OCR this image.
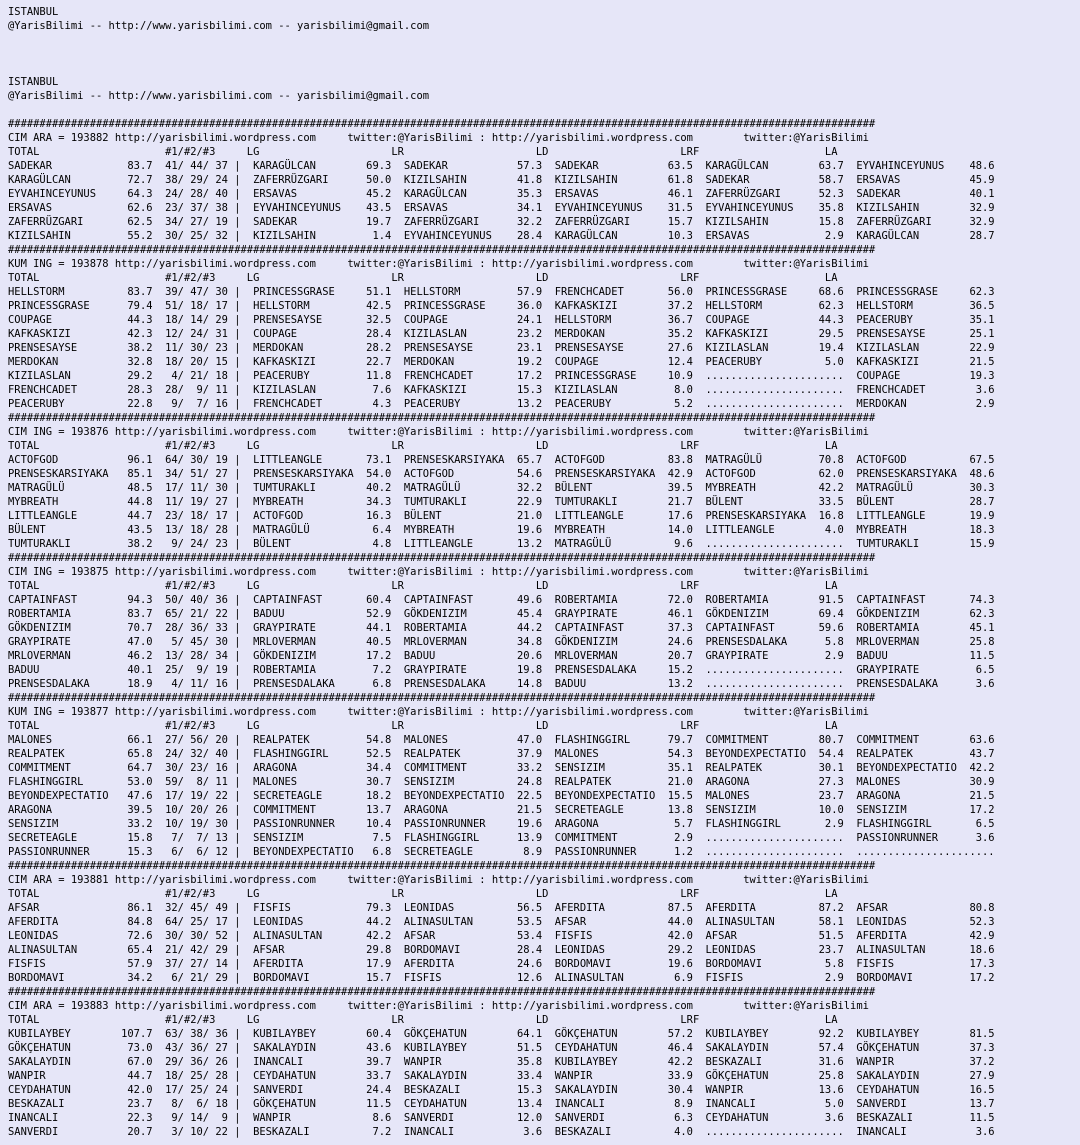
ISTANBUL
@YarisBilimi -- http://www.yarisbilimi.com -- yarisbilimi@gmail.com
ISTANBUL
@YarisBilimi -- http://www.yarisbilimi.com -- yarisbilimi@gmail.com
##########################################################################################################################################
CIM ARA = 193882 http://yarisbilimi.wordpress.com     twitter:@YarisBilimi : http://yarisbilimi.wordpress.com        twitter:@YarisBilimi
TOTAL                    #1/#2/#3     LG                     LR                     LD                     LRF                    LA
SADEKAR            83.7  41/ 44/ 37 |  KARAGÜLCAN        69.3  SADEKAR           57.3  SADEKAR           63.5  KARAGÜLCAN        63.7  EYVAHINCEYUNUS    48.6
KARAGÜLCAN         72.7  38/ 29/ 24 |  ZAFERRÜZGARI      50.0  KIZILSAHIN        41.8  KIZILSAHIN        61.8  SADEKAR           58.7  ERSAVAS           45.9
EYVAHINCEYUNUS     64.3  24/ 28/ 40 |  ERSAVAS           45.2  KARAGÜLCAN        35.3  ERSAVAS           46.1  ZAFERRÜZGARI      52.3  SADEKAR           40.1
ERSAVAS            62.6  23/ 37/ 38 |  EYVAHINCEYUNUS    43.5  ERSAVAS           34.1  EYVAHINCEYUNUS    31.5  EYVAHINCEYUNUS    35.8  KIZILSAHIN        32.9
ZAFERRÜZGARI       62.5  34/ 27/ 19 |  SADEKAR           19.7  ZAFERRÜZGARI      32.2  ZAFERRÜZGARI      15.7  KIZILSAHIN        15.8  ZAFERRÜZGARI      32.9
KIZILSAHIN         55.2  30/ 25/ 32 |  KIZILSAHIN         1.4  EYVAHINCEYUNUS    28.4  KARAGÜLCAN        10.3  ERSAVAS            2.9  KARAGÜLCAN        28.7
##########################################################################################################################################
KUM ING = 193878 http://yarisbilimi.wordpress.com     twitter:@YarisBilimi : http://yarisbilimi.wordpress.com        twitter:@YarisBilimi
TOTAL                    #1/#2/#3     LG                     LR                     LD                     LRF                    LA
HELLSTORM          83.7  39/ 47/ 30 |  PRINCESSGRASE     51.1  HELLSTORM         57.9  FRENCHCADET       56.0  PRINCESSGRASE     68.6  PRINCESSGRASE     62.3
PRINCESSGRASE      79.4  51/ 18/ 17 |  HELLSTORM         42.5  PRINCESSGRASE     36.0  KAFKASKIZI        37.2  HELLSTORM         62.3  HELLSTORM         36.5
COUPAGE            44.3  18/ 14/ 29 |  PRENSESAYSE       32.5  COUPAGE           24.1  HELLSTORM         36.7  COUPAGE           44.3  PEACERUBY         35.1
KAFKASKIZI         42.3  12/ 24/ 31 |  COUPAGE           28.4  KIZILASLAN        23.2  MERDOKAN          35.2  KAFKASKIZI        29.5  PRENSESAYSE       25.1
PRENSESAYSE        38.2  11/ 30/ 23 |  MERDOKAN          28.2  PRENSESAYSE       23.1  PRENSESAYSE       27.6  KIZILASLAN        19.4  KIZILASLAN        22.9
MERDOKAN           32.8  18/ 20/ 15 |  KAFKASKIZI        22.7  MERDOKAN          19.2  COUPAGE           12.4  PEACERUBY          5.0  KAFKASKIZI        21.5
KIZILASLAN         29.2   4/ 21/ 18 |  PEACERUBY         11.8  FRENCHCADET       17.2  PRINCESSGRASE     10.9  ......................  COUPAGE           19.3
FRENCHCADET        28.3  28/  9/ 11 |  KIZILASLAN         7.6  KAFKASKIZI        15.3  KIZILASLAN         8.0  ......................  FRENCHCADET        3.6
PEACERUBY          22.8   9/  7/ 16 |  FRENCHCADET        4.3  PEACERUBY         13.2  PEACERUBY          5.2  ......................  MERDOKAN           2.9
##########################################################################################################################################
CIM ING = 193876 http://yarisbilimi.wordpress.com     twitter:@YarisBilimi : http://yarisbilimi.wordpress.com        twitter:@YarisBilimi
TOTAL                    #1/#2/#3     LG                     LR                     LD                     LRF                    LA
ACTOFGOD           96.1  64/ 30/ 19 |  LITTLEANGLE       73.1  PRENSESKARSIYAKA  65.7  ACTOFGOD          83.8  MATRAGÜLÜ         70.8  ACTOFGOD          67.5
PRENSESKARSIYAKA   85.1  34/ 51/ 27 |  PRENSESKARSIYAKA  54.0  ACTOFGOD          54.6  PRENSESKARSIYAKA  42.9  ACTOFGOD          62.0  PRENSESKARSIYAKA  48.6
MATRAGÜLÜ          48.5  17/ 11/ 30 |  TUMTURAKLI        40.2  MATRAGÜLÜ         32.2  BÜLENT            39.5  MYBREATH          42.2  MATRAGÜLÜ         30.3
MYBREATH           44.8  11/ 19/ 27 |  MYBREATH          34.3  TUMTURAKLI        22.9  TUMTURAKLI        21.7  BÜLENT            33.5  BÜLENT            28.7
LITTLEANGLE        44.7  23/ 18/ 17 |  ACTOFGOD          16.3  BÜLENT            21.0  LITTLEANGLE       17.6  PRENSESKARSIYAKA  16.8  LITTLEANGLE       19.9
BÜLENT             43.5  13/ 18/ 28 |  MATRAGÜLÜ          6.4  MYBREATH          19.6  MYBREATH          14.0  LITTLEANGLE        4.0  MYBREATH          18.3
TUMTURAKLI         38.2   9/ 24/ 23 |  BÜLENT             4.8  LITTLEANGLE       13.2  MATRAGÜLÜ          9.6  ......................  TUMTURAKLI        15.9
##########################################################################################################################################
CIM ING = 193875 http://yarisbilimi.wordpress.com     twitter:@YarisBilimi : http://yarisbilimi.wordpress.com        twitter:@YarisBilimi
TOTAL                    #1/#2/#3     LG                     LR                     LD                     LRF                    LA
CAPTAINFAST        94.3  50/ 40/ 36 |  CAPTAINFAST       60.4  CAPTAINFAST       49.6  ROBERTAMIA        72.0  ROBERTAMIA        91.5  CAPTAINFAST       74.3
ROBERTAMIA         83.7  65/ 21/ 22 |  BADUU             52.9  GÖKDENIZIM        45.4  GRAYPIRATE        46.1  GÖKDENIZIM        69.4  GÖKDENIZIM        62.3
GÖKDENIZIM         70.7  28/ 36/ 33 |  GRAYPIRATE        44.1  ROBERTAMIA        44.2  CAPTAINFAST       37.3  CAPTAINFAST       59.6  ROBERTAMIA        45.1
GRAYPIRATE         47.0   5/ 45/ 30 |  MRLOVERMAN        40.5  MRLOVERMAN        34.8  GÖKDENIZIM        24.6  PRENSESDALAKA      5.8  MRLOVERMAN        25.8
MRLOVERMAN         46.2  13/ 28/ 34 |  GÖKDENIZIM        17.2  BADUU             20.6  MRLOVERMAN        20.7  GRAYPIRATE         2.9  BADUU             11.5
BADUU              40.1  25/  9/ 19 |  ROBERTAMIA         7.2  GRAYPIRATE        19.8  PRENSESDALAKA     15.2  ......................  GRAYPIRATE         6.5
PRENSESDALAKA      18.9   4/ 11/ 16 |  PRENSESDALAKA      6.8  PRENSESDALAKA     14.8  BADUU             13.2  ......................  PRENSESDALAKA      3.6
##########################################################################################################################################
KUM ING = 193877 http://yarisbilimi.wordpress.com     twitter:@YarisBilimi : http://yarisbilimi.wordpress.com        twitter:@YarisBilimi
TOTAL                    #1/#2/#3     LG                     LR                     LD                     LRF                    LA
MALONES            66.1  27/ 56/ 20 |  REALPATEK         54.8  MALONES           47.0  FLASHINGGIRL      79.7  COMMITMENT        80.7  COMMITMENT        63.6
REALPATEK          65.8  24/ 32/ 40 |  FLASHINGGIRL      52.5  REALPATEK         37.9  MALONES           54.3  BEYONDEXPECTATIO  54.4  REALPATEK         43.7
COMMITMENT         64.7  30/ 23/ 16 |  ARAGONA           34.4  COMMITMENT        33.2  SENSIZIM          35.1  REALPATEK         30.1  BEYONDEXPECTATIO  42.2
FLASHINGGIRL       53.0  59/  8/ 11 |  MALONES           30.7  SENSIZIM          24.8  REALPATEK         21.0  ARAGONA           27.3  MALONES           30.9
BEYONDEXPECTATIO   47.6  17/ 19/ 22 |  SECRETEAGLE       18.2  BEYONDEXPECTATIO  22.5  BEYONDEXPECTATIO  15.5  MALONES           23.7  ARAGONA           21.5
ARAGONA            39.5  10/ 20/ 26 |  COMMITMENT        13.7  ARAGONA           21.5  SECRETEAGLE       13.8  SENSIZIM          10.0  SENSIZIM          17.2
SENSIZIM           33.2  10/ 19/ 30 |  PASSIONRUNNER     10.4  PASSIONRUNNER     19.6  ARAGONA            5.7  FLASHINGGIRL       2.9  FLASHINGGIRL       6.5
SECRETEAGLE        15.8   7/  7/ 13 |  SENSIZIM           7.5  FLASHINGGIRL      13.9  COMMITMENT         2.9  ......................  PASSIONRUNNER      3.6
PASSIONRUNNER      15.3   6/  6/ 12 |  BEYONDEXPECTATIO   6.8  SECRETEAGLE        8.9  PASSIONRUNNER      1.2  ......................  ......................
##########################################################################################################################################
CIM ARA = 193881 http://yarisbilimi.wordpress.com     twitter:@YarisBilimi : http://yarisbilimi.wordpress.com        twitter:@YarisBilimi
TOTAL                    #1/#2/#3     LG                     LR                     LD                     LRF                    LA
AFSAR              86.1  32/ 45/ 49 |  FISFIS            79.3  LEONIDAS          56.5  AFERDITA          87.5  AFERDITA          87.2  AFSAR             80.8
AFERDITA           84.8  64/ 25/ 17 |  LEONIDAS          44.2  ALINASULTAN       53.5  AFSAR             44.0  ALINASULTAN       58.1  LEONIDAS          52.3
LEONIDAS           72.6  30/ 30/ 52 |  ALINASULTAN       42.2  AFSAR             53.4  FISFIS            42.0  AFSAR             51.5  AFERDITA          42.9
ALINASULTAN        65.4  21/ 42/ 29 |  AFSAR             29.8  BORDOMAVI         28.4  LEONIDAS          29.2  LEONIDAS          23.7  ALINASULTAN       18.6
FISFIS             57.9  37/ 27/ 14 |  AFERDITA          17.9  AFERDITA          24.6  BORDOMAVI         19.6  BORDOMAVI          5.8  FISFIS            17.3
BORDOMAVI          34.2   6/ 21/ 29 |  BORDOMAVI         15.7  FISFIS            12.6  ALINASULTAN        6.9  FISFIS             2.9  BORDOMAVI         17.2
##########################################################################################################################################
CIM ARA = 193883 http://yarisbilimi.wordpress.com     twitter:@YarisBilimi : http://yarisbilimi.wordpress.com        twitter:@YarisBilimi
TOTAL                    #1/#2/#3     LG                     LR                     LD                     LRF                    LA
KUBILAYBEY        107.7  63/ 38/ 36 |  KUBILAYBEY        60.4  GÖKÇEHATUN        64.1  GÖKÇEHATUN        57.2  KUBILAYBEY        92.2  KUBILAYBEY        81.5
GÖKÇEHATUN         73.0  43/ 36/ 27 |  SAKALAYDIN        43.6  KUBILAYBEY        51.5  CEYDAHATUN        46.4  SAKALAYDIN        57.4  GÖKÇEHATUN        37.3
SAKALAYDIN         67.0  29/ 36/ 26 |  INANCALI          39.7  WANPIR            35.8  KUBILAYBEY        42.2  BESKAZALI         31.6  WANPIR            37.2
WANPIR             44.7  18/ 25/ 28 |  CEYDAHATUN        33.7  SAKALAYDIN        33.4  WANPIR            33.9  GÖKÇEHATUN        25.8  SAKALAYDIN        27.9
CEYDAHATUN         42.0  17/ 25/ 24 |  SANVERDI          24.4  BESKAZALI         15.3  SAKALAYDIN        30.4  WANPIR            13.6  CEYDAHATUN        16.5
BESKAZALI          23.7   8/  6/ 18 |  GÖKÇEHATUN        11.5  CEYDAHATUN        13.4  INANCALI           8.9  INANCALI           5.0  SANVERDI          13.7
INANCALI           22.3   9/ 14/  9 |  WANPIR             8.6  SANVERDI          12.0  SANVERDI           6.3  CEYDAHATUN         3.6  BESKAZALI         11.5
SANVERDI           20.7   3/ 10/ 22 |  BESKAZALI          7.2  INANCALI           3.6  BESKAZALI          4.0  ......................  INANCALI           3.6
